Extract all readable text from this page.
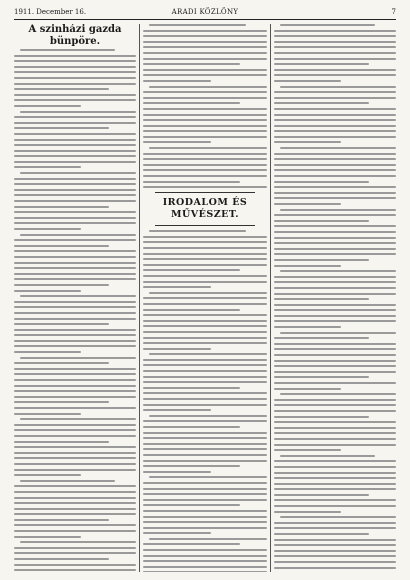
1911. December 16.	ARADI KÖZLÖNY	7
A szinházi gazda bünpöre.
IRODALOM ÉS MŰVÉSZET.
